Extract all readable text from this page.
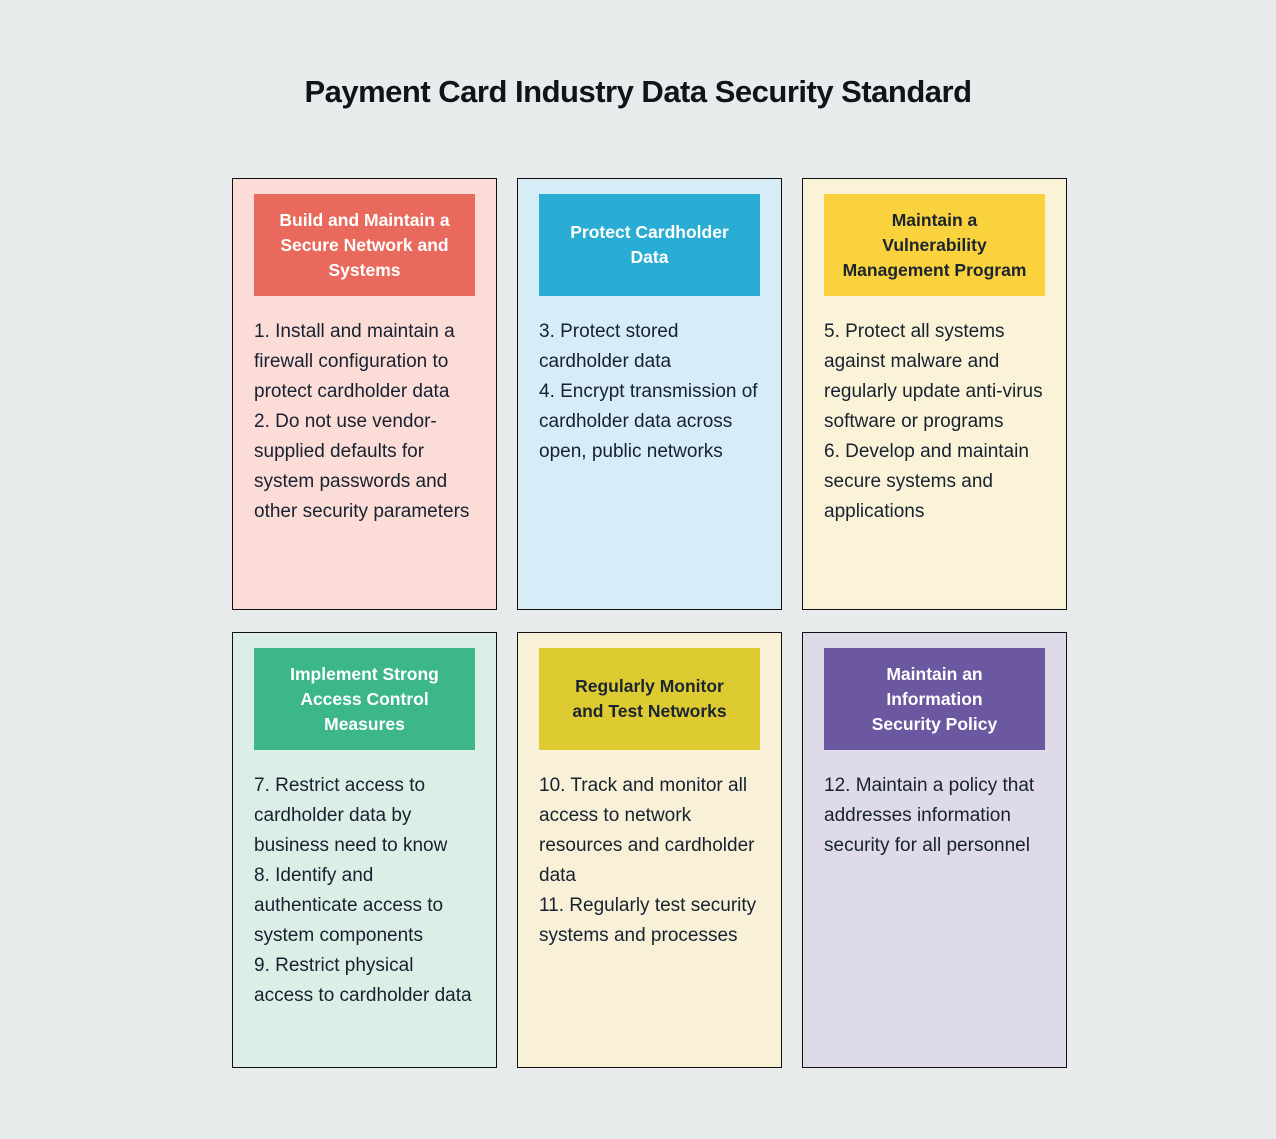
Payment Card Industry Data Security Standard
Build and Maintain a
Secure Network and
Systems

1. Install and maintain a firewall configuration to protect cardholder data

2. Do not use vendor-supplied defaults for system passwords and other security parameters

Protect Cardholder
Data

3. Protect stored cardholder data

4. Encrypt transmission of cardholder data across open, public networks

Maintain a
Vulnerability
Management Program

5. Protect all systems against malware and regularly update anti-virus software or programs

6. Develop and maintain secure systems and applications

Implement Strong
Access Control
Measures

7. Restrict access to cardholder data by business need to know

8. Identify and authenticate access to system components

9. Restrict physical access to cardholder data

Regularly Monitor
and Test Networks

10. Track and monitor all access to network resources and cardholder data

11. Regularly test security systems and processes

Maintain an
Information
Security Policy

12. Maintain a policy that addresses information security for all personnel
